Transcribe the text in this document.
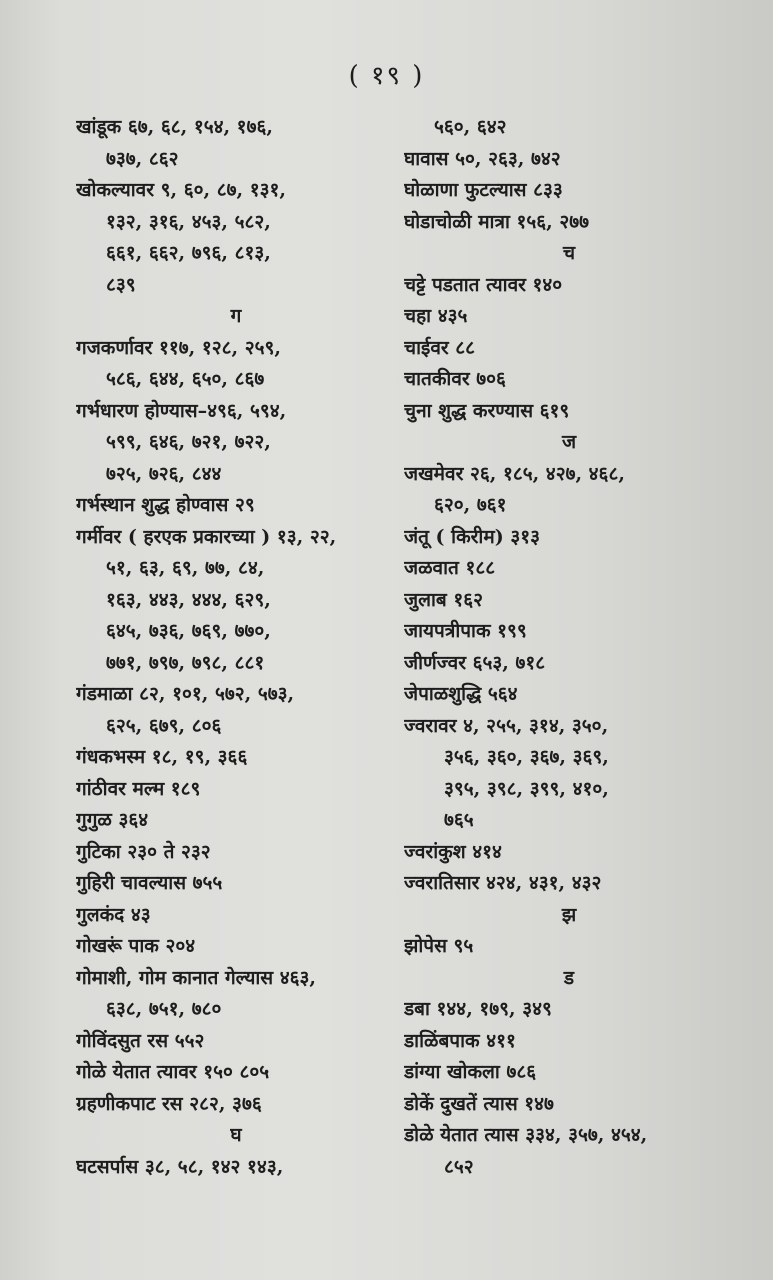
( १९ )
खांडूक ६७, ६८, १५४, १७६,
७३७, ८६२
खोकल्यावर ९, ६०, ८७, १३१,
१३२, ३१६, ४५३, ५८२,
६६१, ६६२, ७९६, ८१३,
८३९
ग
गजकर्णावर ११७, १२८, २५९,
५८६, ६४४, ६५०, ८६७
गर्भधारण होण्यास–४९६, ५९४,
५९९, ६४६, ७२१, ७२२,
७२५, ७२६, ८४४
गर्भस्थान शुद्ध होण्वास २९
गर्मीवर ( हरएक प्रकारच्या ) १३, २२,
५१, ६३, ६९, ७७, ८४,
१६३, ४४३, ४४४, ६२९,
६४५, ७३६, ७६९, ७७०,
७७१, ७९७, ७९८, ८८१
गंडमाळा ८२, १०१, ५७२, ५७३,
६२५, ६७९, ८०६
गंधकभस्म १८, १९, ३६६
गांठीवर मल्म १८९
गुगुळ ३६४
गुटिका २३० ते २३२
गुहिरी चावल्यास ७५५
गुलकंद ४३
गोखरूं पाक २०४
गोमाशी, गोम कानात गेल्यास ४६३,
६३८, ७५१, ७८०
गोविंदसुत रस ५५२
गोळे येतात त्यावर १५० ८०५
ग्रहणीकपाट रस २८२, ३७६
घ
घटसर्पास ३८, ५८, १४२ १४३,
५६०, ६४२
घावास ५०, २६३, ७४२
घोळाणा फुटल्यास ८३३
घोडाचोळी मात्रा १५६, २७७
च
चट्टे पडतात त्यावर १४०
चहा ४३५
चाईवर ८८
चातकीवर ७०६
चुना शुद्ध करण्यास ६१९
ज
जखमेवर २६, १८५, ४२७, ४६८,
६२०, ७६१
जंतू ( किरीम) ३१३
जळवात १८८
जुलाब १६२
जायपत्रीपाक १९९
जीर्णज्वर ६५३, ७१८
जेपाळशुद्धि ५६४
ज्वरावर ४, २५५, ३१४, ३५०,
३५६, ३६०, ३६७, ३६९,
३९५, ३९८, ३९९, ४१०,
७६५
ज्वरांकुश ४१४
ज्वरातिसार ४२४, ४३१, ४३२
झ
झोपेस ९५
ड
डबा १४४, १७९, ३४९
डाळिंबपाक ४११
डांग्या खोकला ७८६
डोकें दुखतें त्यास १४७
डोळे येतात त्यास ३३४, ३५७, ४५४,
८५२
